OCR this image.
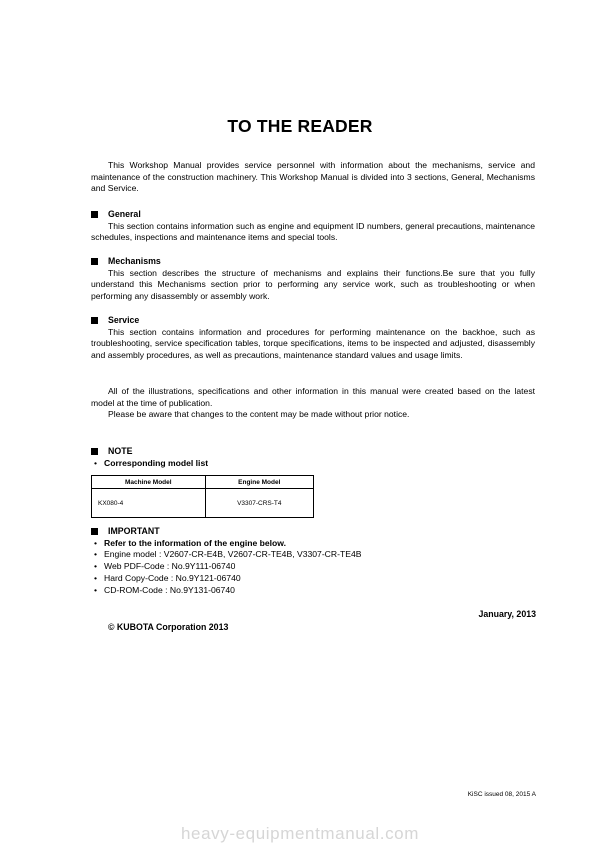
TO THE READER

This Workshop Manual provides service personnel with information about the mechanisms, service and maintenance of the construction machinery. This Workshop Manual is divided into 3 sections, General, Mechanisms and Service.

General

This section contains information such as engine and equipment ID numbers, general precautions, maintenance schedules, inspections and maintenance items and special tools.

Mechanisms

This section describes the structure of mechanisms and explains their functions.Be sure that you fully understand this Mechanisms section prior to performing any service work, such as troubleshooting or when performing any disassembly or assembly work.

Service

This section contains information and procedures for performing maintenance on the backhoe, such as troubleshooting, service specification tables, torque specifications, items to be inspected and adjusted, disassembly and assembly procedures, as well as precautions, maintenance standard values and usage limits.

All of the illustrations, specifications and other information in this manual were created based on the latest model at the time of publication.

Please be aware that changes to the content may be made without prior notice.

NOTE
• Corresponding model list
Machine Model	Engine Model
KX080-4	V3307-CRS-T4
IMPORTANT
• Refer to the information of the engine below.
• Engine model : V2607-CR-E4B, V2607-CR-TE4B, V3307-CR-TE4B
• Web PDF-Code : No.9Y111-06740
• Hard Copy-Code : No.9Y121-06740
• CD-ROM-Code : No.9Y131-06740
January, 2013
© KUBOTA Corporation 2013
KiSC issued 08, 2015 A
heavy-equipmentmanual.com
